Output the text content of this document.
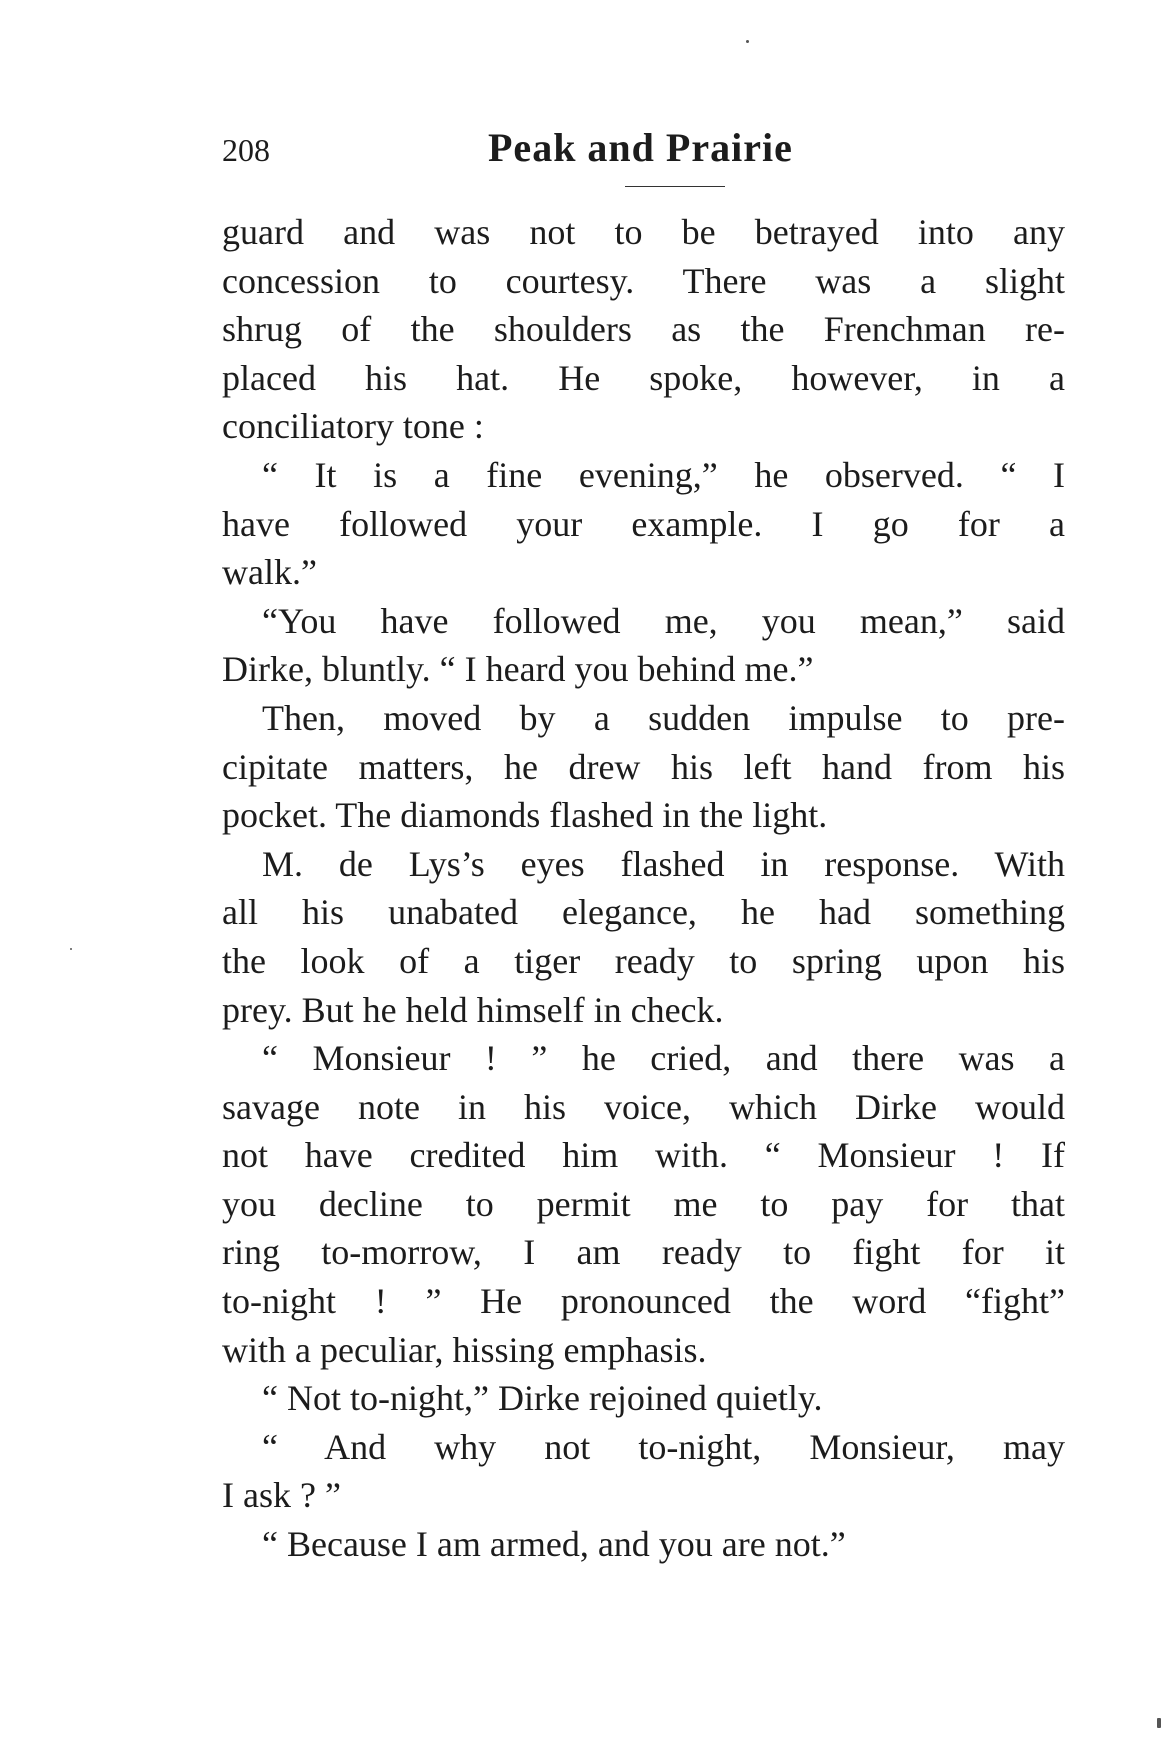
208	Peak and Prairie
guard and was not to be betrayed into any
concession to courtesy. There was a slight
shrug of the shoulders as the Frenchman re-
placed his hat. He spoke, however, in a
conciliatory tone :
“ It is a fine evening,” he observed. “ I
have followed your example. I go for a
walk.”
“You have followed me, you mean,” said
Dirke, bluntly. “ I heard you behind me.”
Then, moved by a sudden impulse to pre-
cipitate matters, he drew his left hand from his
pocket. The diamonds flashed in the light.
M. de Lys’s eyes flashed in response. With
all his unabated elegance, he had something
the look of a tiger ready to spring upon his
prey. But he held himself in check.
“ Monsieur ! ” he cried, and there was a
savage note in his voice, which Dirke would
not have credited him with. “ Monsieur ! If
you decline to permit me to pay for that
ring to-morrow, I am ready to fight for it
to-night ! ” He pronounced the word “fight”
with a peculiar, hissing emphasis.
“ Not to-night,” Dirke rejoined quietly.
“ And why not to-night, Monsieur, may
I ask ? ”
“ Because I am armed, and you are not.”
